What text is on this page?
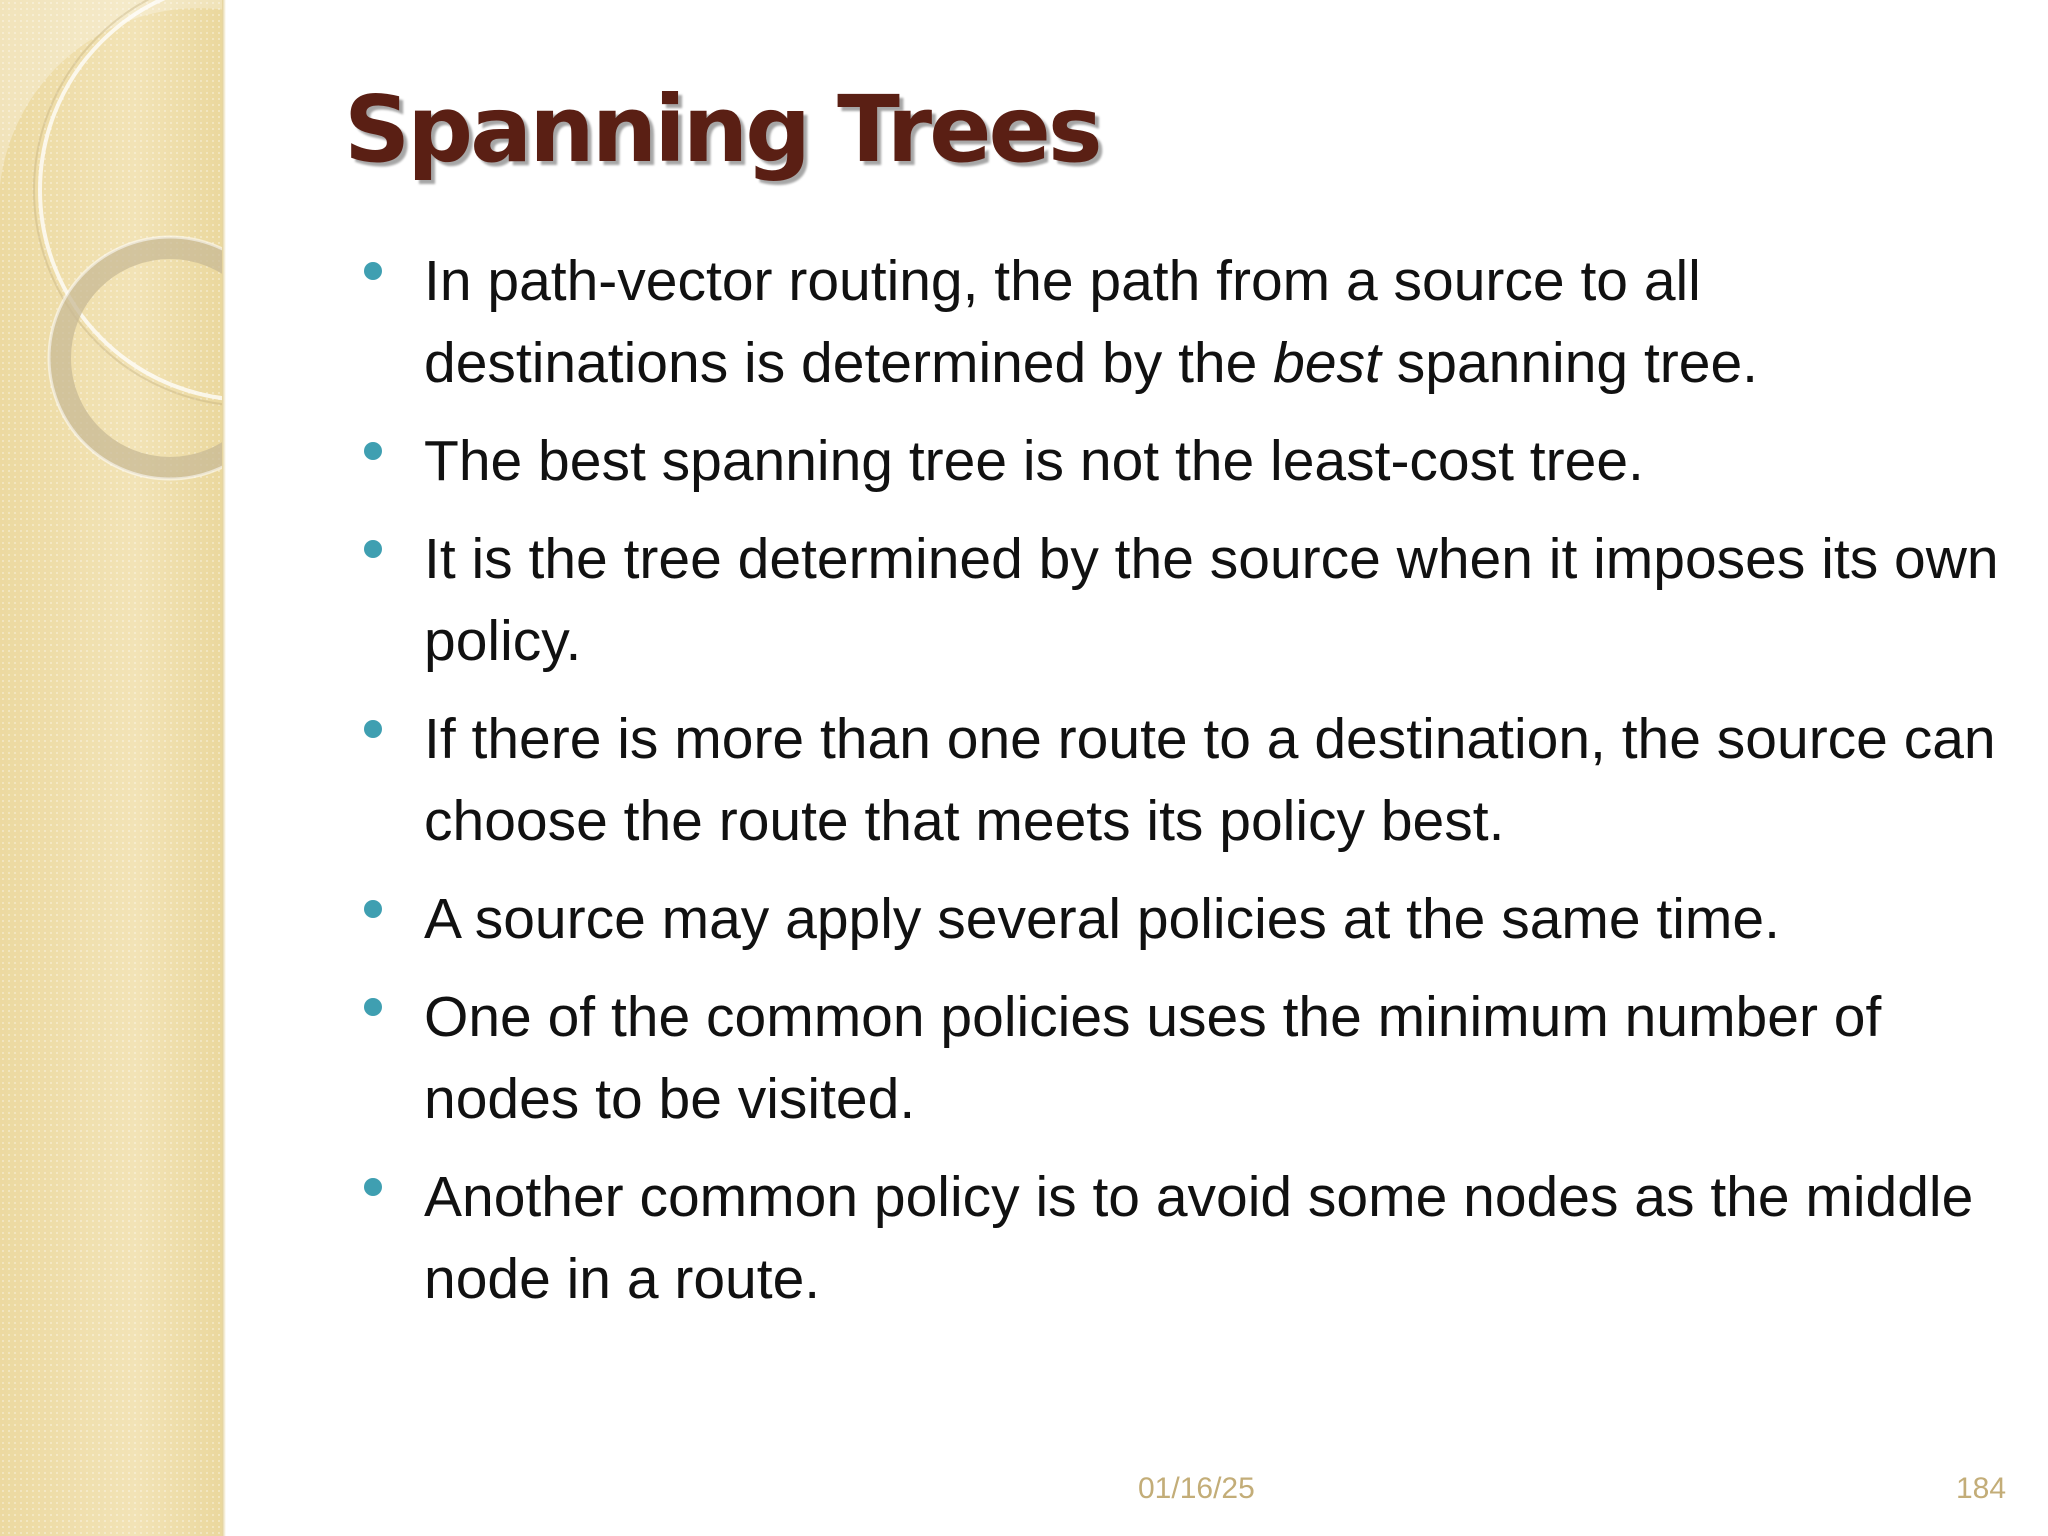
Spanning Trees
In path-vector routing, the path from a source to all destinations is determined by the best spanning tree.
The best spanning tree is not the least-cost tree.
It is the tree determined by the source when it imposes its own policy.
If there is more than one route to a destination, the source can choose the route that meets its policy best.
A source may apply several policies at the same time.
One of the common policies uses the minimum number of nodes to be visited.
Another common policy is to avoid some nodes as the middle node in a route.
01/16/25	184
